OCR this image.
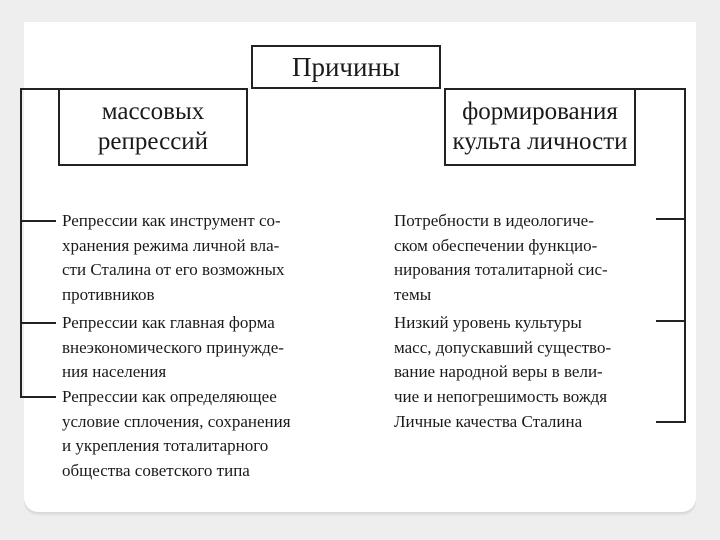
массовых
репрессий
формирования
культа личности
Причины
Репрессии как инструмент со-
хранения режима личной вла-
сти Сталина от его возможных
противников
Репрессии как главная форма
внеэкономического принужде-
ния населения
Репрессии как определяющее
условие сплочения, сохранения
и укрепления тоталитарного
общества советского типа
Потребности в идеологиче-
ском обеспечении функцио-
нирования тоталитарной сис-
темы
Низкий уровень культуры
масс, допускавший существо-
вание народной веры в вели-
чие и непогрешимость вождя
Личные качества Сталина
